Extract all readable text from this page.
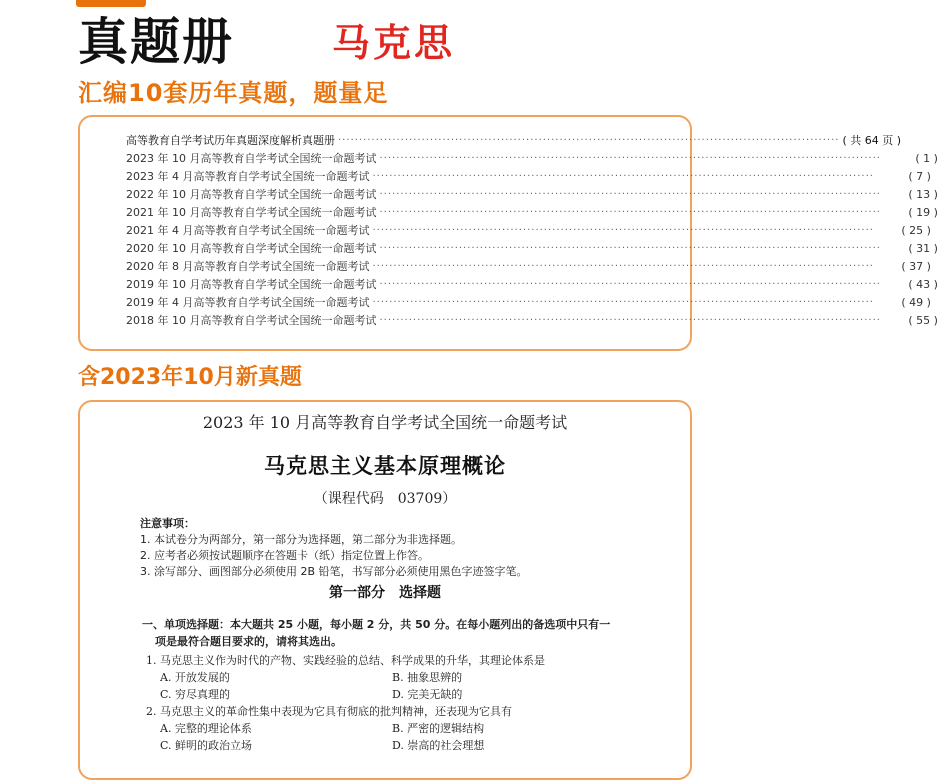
真题册	马克思
汇编10套历年真题，题量足
高等教育自学考试历年真题深度解析真题册 ························································································································ ( 共 64 页 )
2023 年 10 月高等教育自学考试全国统一命题考试 ························································································································	( 1 )
2023 年 4 月高等教育自学考试全国统一命题考试 ························································································································	( 7 )
2022 年 10 月高等教育自学考试全国统一命题考试 ························································································································	( 13 )
2021 年 10 月高等教育自学考试全国统一命题考试 ························································································································	( 19 )
2021 年 4 月高等教育自学考试全国统一命题考试 ························································································································	( 25 )
2020 年 10 月高等教育自学考试全国统一命题考试 ························································································································	( 31 )
2020 年 8 月高等教育自学考试全国统一命题考试 ························································································································	( 37 )
2019 年 10 月高等教育自学考试全国统一命题考试 ························································································································	( 43 )
2019 年 4 月高等教育自学考试全国统一命题考试 ························································································································	( 49 )
2018 年 10 月高等教育自学考试全国统一命题考试 ························································································································	( 55 )
含2023年10月新真题
2023 年 10 月高等教育自学考试全国统一命题考试
马克思主义基本原理概论
（课程代码　03709）
注意事项：
1. 本试卷分为两部分，第一部分为选择题，第二部分为非选择题。
2. 应考者必须按试题顺序在答题卡（纸）指定位置上作答。
3. 涂写部分、画图部分必须使用 2B 铅笔，书写部分必须使用黑色字迹签字笔。
第一部分　选择题
一、单项选择题：本大题共 25 小题，每小题 2 分，共 50 分。在每小题列出的备选项中只有一
项是最符合题目要求的，请将其选出。
1. 马克思主义作为时代的产物、实践经验的总结、科学成果的升华，其理论体系是
A. 开放发展的	B. 抽象思辨的
C. 穷尽真理的	D. 完美无缺的
2. 马克思主义的革命性集中表现为它具有彻底的批判精神，还表现为它具有
A. 完整的理论体系	B. 严密的逻辑结构
C. 鲜明的政治立场	D. 崇高的社会理想
